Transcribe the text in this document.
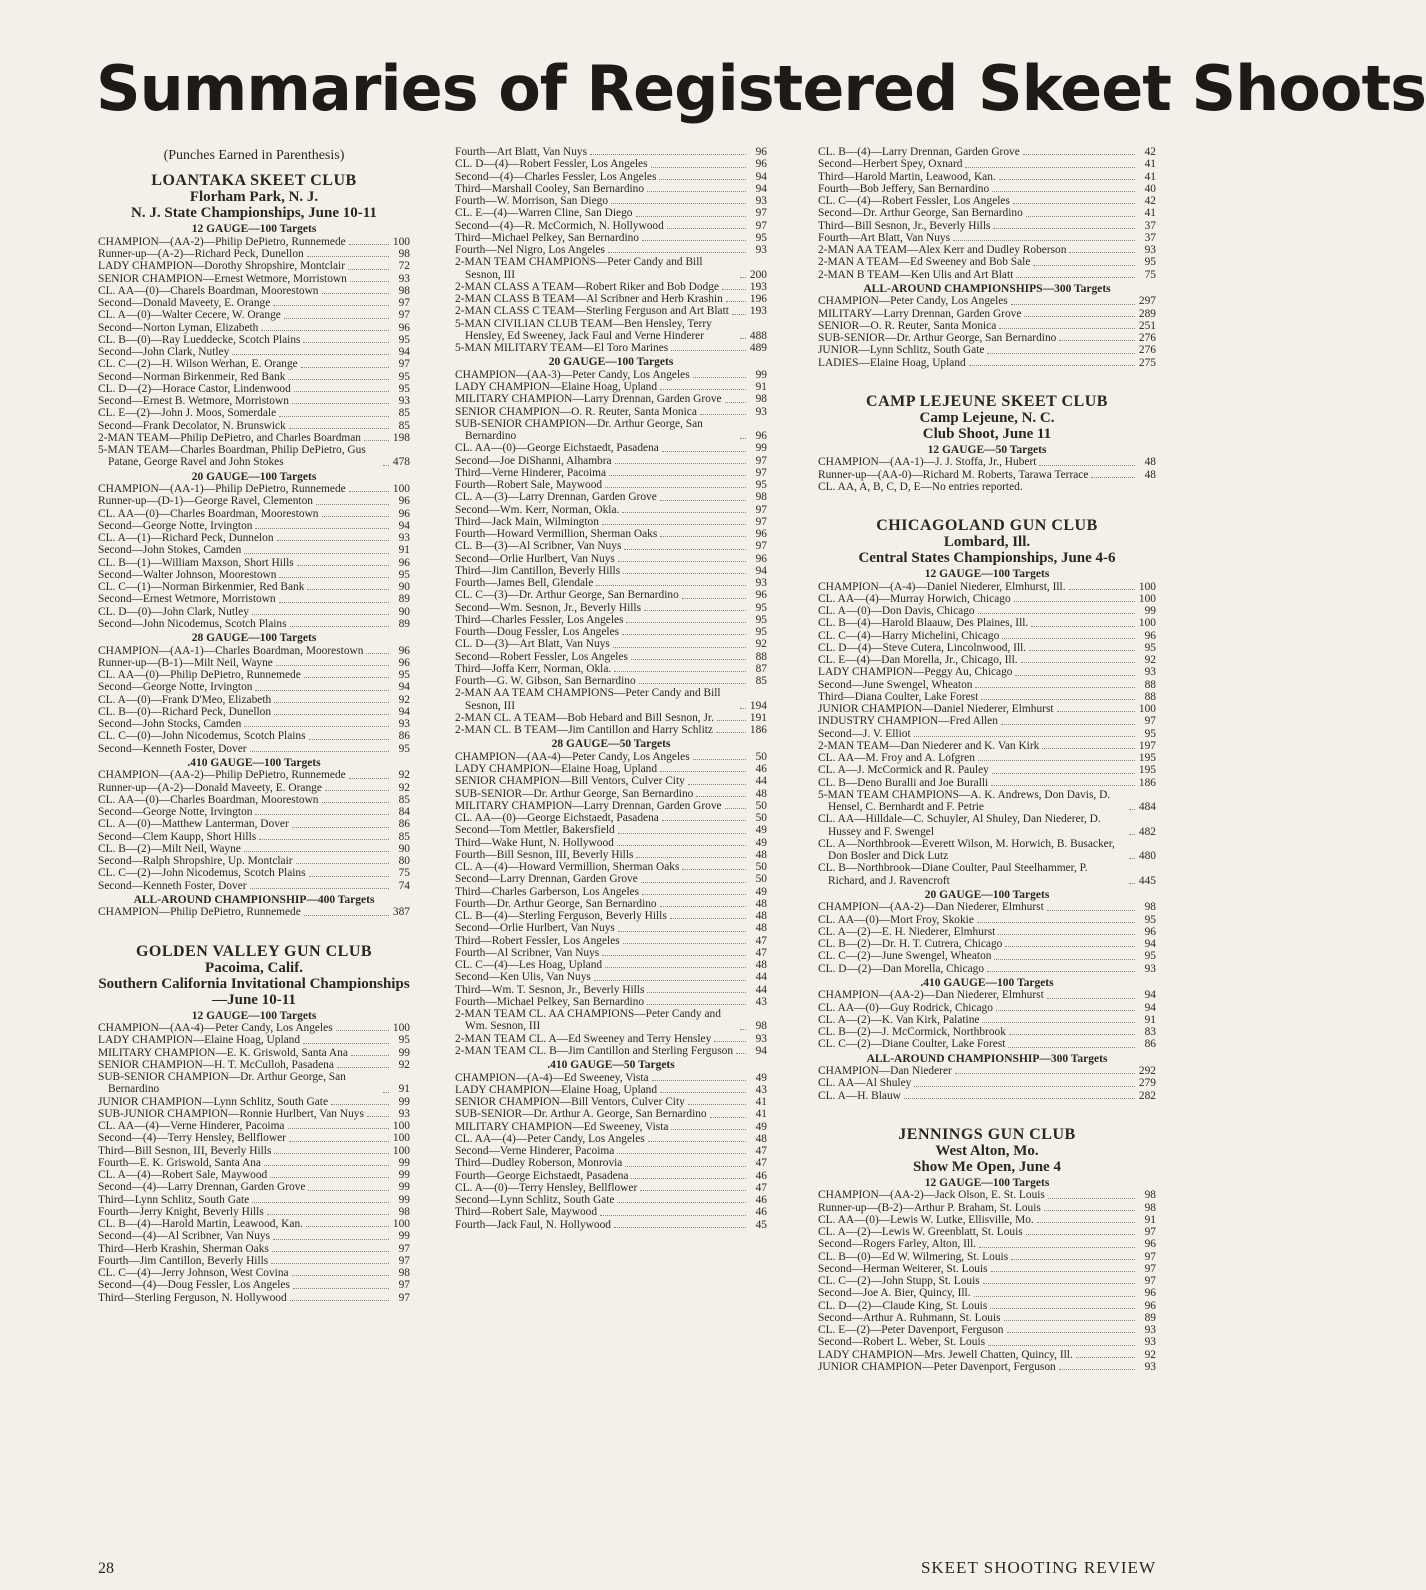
Summaries of Registered Skeet Shoots
(Punches Earned in Parenthesis)
LOANTAKA SKEET CLUB
Florham Park, N. J.
N. J. State Championships, June 10-11
12 GAUGE—100 Targets
CHAMPION—(AA-2)—Philip DePietro, Runnemede	100
Runner-up—(A-2)—Richard Peck, Dunellon	98
LADY CHAMPION—Dorothy Shropshire, Montclair	72
SENIOR CHAMPION—Ernest Wetmore, Morristown	93
CL. AA—(0)—Charels Boardman, Moorestown	98
Second—Donald Maveety, E. Orange	97
CL. A—(0)—Walter Cecere, W. Orange	97
Second—Norton Lyman, Elizabeth	96
CL. B—(0)—Ray Lueddecke, Scotch Plains	95
Second—John Clark, Nutley	94
CL. C—(2)—H. Wilson Werhan, E. Orange	97
Second—Norman Birkenmeir, Red Bank	95
CL. D—(2)—Horace Castor, Lindenwood	95
Second—Ernest B. Wetmore, Morristown	93
CL. E—(2)—John J. Moos, Somerdale	85
Second—Frank Decolator, N. Brunswick	85
2-MAN TEAM—Philip DePietro, and Charles Boardman	198
5-MAN TEAM—Charles Boardman, Philip DePietro, Gus Patane, George Ravel and John Stokes	478
20 GAUGE—100 Targets
CHAMPION—(AA-1)—Philip DePietro, Runnemede	100
Runner-up—(D-1)—George Ravel, Clementon	96
CL. AA—(0)—Charles Boardman, Moorestown	96
Second—George Notte, Irvington	94
CL. A—(1)—Richard Peck, Dunnelon	93
Second—John Stokes, Camden	91
CL. B—(1)—William Maxson, Short Hills	96
Second—Walter Johnson, Moorestown	95
CL. C—(1)—Norman Birkenmier, Red Bank	90
Second—Ernest Wetmore, Morristown	89
CL. D—(0)—John Clark, Nutley	90
Second—John Nicodemus, Scotch Plains	89
28 GAUGE—100 Targets
CHAMPION—(AA-1)—Charles Boardman, Moorestown	96
Runner-up—(B-1)—Milt Neil, Wayne	96
CL. AA—(0)—Philip DePietro, Runnemede	95
Second—George Notte, Irvington	94
CL. A—(0)—Frank D'Meo, Elizabeth	92
CL. B—(0)—Richard Peck, Dunellon	94
Second—John Stocks, Camden	93
CL. C—(0)—John Nicodemus, Scotch Plains	86
Second—Kenneth Foster, Dover	95
.410 GAUGE—100 Targets
CHAMPION—(AA-2)—Philip DePietro, Runnemede	92
Runner-up—(A-2)—Donald Maveety, E. Orange	92
CL. AA—(0)—Charles Boardman, Moorestown	85
Second—George Notte, Irvington	84
CL. A—(0)—Matthew Lanterman, Dover	86
Second—Clem Kaupp, Short Hills	85
CL. B—(2)—Milt Neil, Wayne	90
Second—Ralph Shropshire, Up. Montclair	80
CL. C—(2)—John Nicodemus, Scotch Plains	75
Second—Kenneth Foster, Dover	74
ALL-AROUND CHAMPIONSHIP—400 Targets
CHAMPION—Philip DePietro, Runnemede	387
GOLDEN VALLEY GUN CLUB
Pacoima, Calif.
Southern California Invitational Championships—June 10-11
12 GAUGE—100 Targets
CHAMPION—(AA-4)—Peter Candy, Los Angeles	100
LADY CHAMPION—Elaine Hoag, Upland	95
MILITARY CHAMPION—E. K. Griswold, Santa Ana	99
SENIOR CHAMPION—H. T. McCulloh, Pasadena	92
SUB-SENIOR CHAMPION—Dr. Arthur George, San Bernardino	91
JUNIOR CHAMPION—Lynn Schlitz, South Gate	99
SUB-JUNIOR CHAMPION—Ronnie Hurlbert, Van Nuys	93
CL. AA—(4)—Verne Hinderer, Pacoima	100
Second—(4)—Terry Hensley, Bellflower	100
Third—Bill Sesnon, III, Beverly Hills	100
Fourth—E. K. Griswold, Santa Ana	99
CL. A—(4)—Robert Sale, Maywood	99
Second—(4)—Larry Drennan, Garden Grove	99
Third—Lynn Schlitz, South Gate	99
Fourth—Jerry Knight, Beverly Hills	98
CL. B—(4)—Harold Martin, Leawood, Kan.	100
Second—(4)—Al Scribner, Van Nuys	99
Third—Herb Krashin, Sherman Oaks	97
Fourth—Jim Cantillon, Beverly Hills	97
CL. C—(4)—Jerry Johnson, West Covina	98
Second—(4)—Doug Fessler, Los Angeles	97
Third—Sterling Ferguson, N. Hollywood	97
Fourth—Art Blatt, Van Nuys	96
CL. D—(4)—Robert Fessler, Los Angeles	96
Second—(4)—Charles Fessler, Los Angeles	94
Third—Marshall Cooley, San Bernardino	94
Fourth—W. Morrison, San Diego	93
CL. E—(4)—Warren Cline, San Diego	97
Second—(4)—R. McCormich, N. Hollywood	97
Third—Michael Pelkey, San Bernardino	95
Fourth—Nel Nigro, Los Angeles	93
2-MAN TEAM CHAMPIONS—Peter Candy and Bill Sesnon, III	200
2-MAN CLASS A TEAM—Robert Riker and Bob Dodge	193
2-MAN CLASS B TEAM—Al Scribner and Herb Krashin 196
2-MAN CLASS C TEAM—Sterling Ferguson and Art Blatt 193
5-MAN CIVILIAN CLUB TEAM—Ben Hensley, Terry Hensley, Ed Sweeney, Jack Faul and Verne Hinderer	488
5-MAN MILITARY TEAM—El Toro Marines	489
20 GAUGE—100 Targets
CHAMPION—(AA-3)—Peter Candy, Los Angeles	99
LADY CHAMPION—Elaine Hoag, Upland	91
MILITARY CHAMPION—Larry Drennan, Garden Grove	98
SENIOR CHAMPION—O. R. Reuter, Santa Monica	93
SUB-SENIOR CHAMPION—Dr. Arthur George, San Bernardino	96
CL. AA—(0)—George Eichstaedt, Pasadena	99
Second—Joe DiShanni, Alhambra	97
Third—Verne Hinderer, Pacoima	97
Fourth—Robert Sale, Maywood	95
CL. A—(3)—Larry Drennan, Garden Grove	98
Second—Wm. Kerr, Norman, Okla.	97
Third—Jack Main, Wilmington	97
Fourth—Howard Vermillion, Sherman Oaks	96
CL. B—(3)—Al Scribner, Van Nuys	97
Second—Orlie Hurlbert, Van Nuys	96
Third—Jim Cantillon, Beverly Hills	94
Fourth—James Bell, Glendale	93
CL. C—(3)—Dr. Arthur George, San Bernardino	96
Second—Wm. Sesnon, Jr., Beverly Hills	95
Third—Charles Fessler, Los Angeles	95
Fourth—Doug Fessler, Los Angeles	95
CL. D—(3)—Art Blatt, Van Nuys	92
Second—Robert Fessler, Los Angeles	88
Third—Joffa Kerr, Norman, Okla.	87
Fourth—G. W. Gibson, San Bernardino	85
2-MAN AA TEAM CHAMPIONS—Peter Candy and Bill Sesnon, III	194
2-MAN CL. A TEAM—Bob Hebard and Bill Sesnon, Jr.	191
2-MAN CL. B TEAM—Jim Cantillon and Harry Schlitz	186
28 GAUGE—50 Targets
CHAMPION—(AA-4)—Peter Candy, Los Angeles	50
LADY CHAMPION—Elaine Hoag, Upland	46
SENIOR CHAMPION—Bill Ventors, Culver City	44
SUB-SENIOR—Dr. Arthur George, San Bernardino	48
MILITARY CHAMPION—Larry Drennan, Garden Grove	50
CL. AA—(0)—George Eichstaedt, Pasadena	50
Second—Tom Mettler, Bakersfield	49
Third—Wake Hunt, N. Hollywood	49
Fourth—Bill Sesnon, III, Beverly Hills	48
CL. A—(4)—Howard Vermillion, Sherman Oaks	50
Second—Larry Drennan, Garden Grove	50
Third—Charles Garberson, Los Angeles	49
Fourth—Dr. Arthur George, San Bernardino	48
CL. B—(4)—Sterling Ferguson, Beverly Hills	48
Second—Orlie Hurlbert, Van Nuys	48
Third—Robert Fessler, Los Angeles	47
Fourth—Al Scribner, Van Nuys	47
CL. C—(4)—Les Hoag, Upland	48
Second—Ken Ulis, Van Nuys	44
Third—Wm. T. Sesnon, Jr., Beverly Hills	44
Fourth—Michael Pelkey, San Bernardino	43
2-MAN TEAM CL. AA CHAMPIONS—Peter Candy and Wm. Sesnon, III	98
2-MAN TEAM CL. A—Ed Sweeney and Terry Hensley	93
2-MAN TEAM CL. B—Jim Cantillon and Sterling Ferguson	94
.410 GAUGE—50 Targets
CHAMPION—(A-4)—Ed Sweeney, Vista	49
LADY CHAMPION—Elaine Hoag, Upland	43
SENIOR CHAMPION—Bill Ventors, Culver City	41
SUB-SENIOR—Dr. Arthur A. George, San Bernardino	41
MILITARY CHAMPION—Ed Sweeney, Vista	49
CL. AA—(4)—Peter Candy, Los Angeles	48
Second—Verne Hinderer, Pacoima	47
Third—Dudley Roberson, Monrovia	47
Fourth—George Eichstaedt, Pasadena	46
CL. A—(0)—Terry Hensley, Bellflower	47
Second—Lynn Schlitz, South Gate	46
Third—Robert Sale, Maywood	46
Fourth—Jack Faul, N. Hollywood	45
CL. B—(4)—Larry Drennan, Garden Grove	42
Second—Herbert Spey, Oxnard	41
Third—Harold Martin, Leawood, Kan.	41
Fourth—Bob Jeffery, San Bernardino	40
CL. C—(4)—Robert Fessler, Los Angeles	42
Second—Dr. Arthur George, San Bernardino	41
Third—Bill Sesnon, Jr., Beverly Hills	37
Fourth—Art Blatt, Van Nuys	37
2-MAN AA TEAM—Alex Kerr and Dudley Roberson	93
2-MAN A TEAM—Ed Sweeney and Bob Sale	95
2-MAN B TEAM—Ken Ulis and Art Blatt	75
ALL-AROUND CHAMPIONSHIPS—300 Targets
CHAMPION—Peter Candy, Los Angeles	297
MILITARY—Larry Drennan, Garden Grove	289
SENIOR—O. R. Reuter, Santa Monica	251
SUB-SENIOR—Dr. Arthur George, San Bernardino	276
JUNIOR—Lynn Schlitz, South Gate	276
LADIES—Elaine Hoag, Upland	275
CAMP LEJEUNE SKEET CLUB
Camp Lejeune, N. C.
Club Shoot, June 11
12 GAUGE—50 Targets
CHAMPION—(AA-1)—J. J. Stoffa, Jr., Hubert	48
Runner-up—(AA-0)—Richard M. Roberts, Tarawa Terrace	48
CL. AA, A, B, C, D, E—No entries reported.
CHICAGOLAND GUN CLUB
Lombard, Ill.
Central States Championships, June 4-6
12 GAUGE—100 Targets
CHAMPION—(A-4)—Daniel Niederer, Elmhurst, Ill.	100
CL. AA—(4)—Murray Horwich, Chicago	100
CL. A—(0)—Don Davis, Chicago	99
CL. B—(4)—Harold Blaauw, Des Plaines, Ill.	100
CL. C—(4)—Harry Michelini, Chicago	96
CL. D—(4)—Steve Cutera, Lincolnwood, Ill.	95
CL. E—(4)—Dan Morella, Jr., Chicago, Ill.	92
LADY CHAMPION—Peggy Au, Chicago	93
Second—June Swengel, Wheaton	88
Third—Diana Coulter, Lake Forest	88
JUNIOR CHAMPION—Daniel Niederer, Elmhurst	100
INDUSTRY CHAMPION—Fred Allen	97
Second—J. V. Elliot	95
2-MAN TEAM—Dan Niederer and K. Van Kirk	197
CL. AA—M. Froy and A. Lofgren	195
CL. A—J. McCormick and R. Pauley	195
CL. B—Deno Buralli and Joe Buralli	186
5-MAN TEAM CHAMPIONS—A. K. Andrews, Don Davis, D. Hensel, C. Bernhardt and F. Petrie	484
CL. AA—Hilldale—C. Schuyler, Al Shuley, Dan Niederer, D. Hussey and F. Swengel	482
CL. A—Northbrook—Everett Wilson, M. Horwich, B. Busacker, Don Bosler and Dick Lutz	480
CL. B—Northbrook—Diane Coulter, Paul Steelhammer, P. Richard, and J. Ravencroft	445
20 GAUGE—100 Targets
CHAMPION—(AA-2)—Dan Niederer, Elmhurst	98
CL. AA—(0)—Mort Froy, Skokie	95
CL. A—(2)—E. H. Niederer, Elmhurst	96
CL. B—(2)—Dr. H. T. Cutrera, Chicago	94
CL. C—(2)—June Swengel, Wheaton	95
CL. D—(2)—Dan Morella, Chicago	93
.410 GAUGE—100 Targets
CHAMPION—(AA-2)—Dan Niederer, Elmhurst	94
CL. AA—(0)—Guy Rodrick, Chicago	94
CL. A—(2)—K. Van Kirk, Palatine	91
CL. B—(2)—J. McCormick, Northbrook	83
CL. C—(2)—Diane Coulter, Lake Forest	86
ALL-AROUND CHAMPIONSHIP—300 Targets
CHAMPION—Dan Niederer	292
CL. AA—Al Shuley	279
CL. A—H. Blauw	282
JENNINGS GUN CLUB
West Alton, Mo.
Show Me Open, June 4
12 GAUGE—100 Targets
CHAMPION—(AA-2)—Jack Olson, E. St. Louis	98
Runner-up—(B-2)—Arthur P. Braham, St. Louis	98
CL. AA—(0)—Lewis W. Lutke, Ellisville, Mo.	91
CL. A—(2)—Lewis W. Greenblatt, St. Louis	97
Second—Rogers Farley, Alton, Ill.	96
CL. B—(0)—Ed W. Wilmering, St. Louis	97
Second—Herman Weiterer, St. Louis	97
CL. C—(2)—John Stupp, St. Louis	97
Second—Joe A. Bier, Quincy, Ill.	96
CL. D—(2)—Claude King, St. Louis	96
Second—Arthur A. Ruhmann, St. Louis	89
CL. E—(2)—Peter Davenport, Ferguson	93
Second—Robert L. Weber, St. Louis	93
LADY CHAMPION—Mrs. Jewell Chatten, Quincy, Ill.	92
JUNIOR CHAMPION—Peter Davenport, Ferguson	93
28	SKEET SHOOTING REVIEW
